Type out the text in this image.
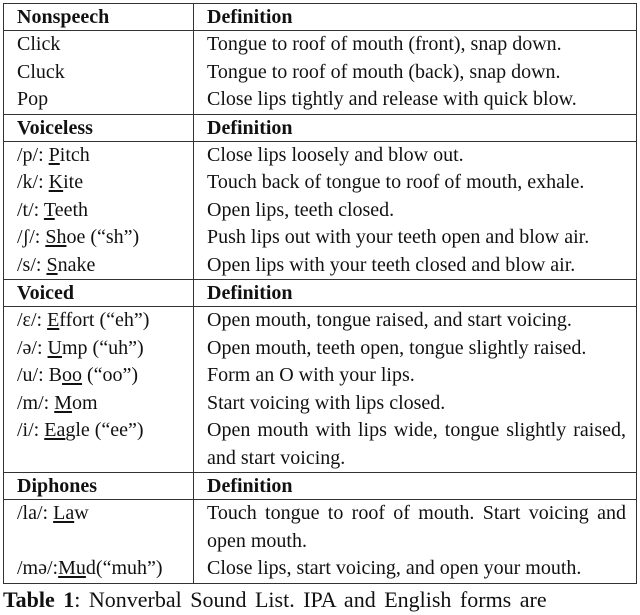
Nonspeech	Definition
Click	Tongue to roof of mouth (front), snap down.
Cluck	Tongue to roof of mouth (back), snap down.
Pop	Close lips tightly and release with quick blow.
Voiceless	Definition
/p/: Pitch	Close lips loosely and blow out.
/k/: Kite	Touch back of tongue to roof of mouth, exhale.
/t/: Teeth	Open lips, teeth closed.
/ʃ/: Shoe (“sh”)	Push lips out with your teeth open and blow air.
/s/: Snake	Open lips with your teeth closed and blow air.
Voiced	Definition
/ɛ/: Effort (“eh”)	Open mouth, tongue raised, and start voicing.
/ə/: Ump (“uh”)	Open mouth, teeth open, tongue slightly raised.
/u/: Boo (“oo”)	Form an O with your lips.
/m/: Mom	Start voicing with lips closed.
/i/: Eagle (“ee”)	Open mouth with lips wide, tongue slightly raised, and start voicing.
Diphones	Definition
/la/: Law	Touch tongue to roof of mouth. Start voicing and open mouth.
/mə/:Mud(“muh”)	Close lips, start voicing, and open your mouth.
Table 1: Nonverbal Sound List. IPA and English forms are
